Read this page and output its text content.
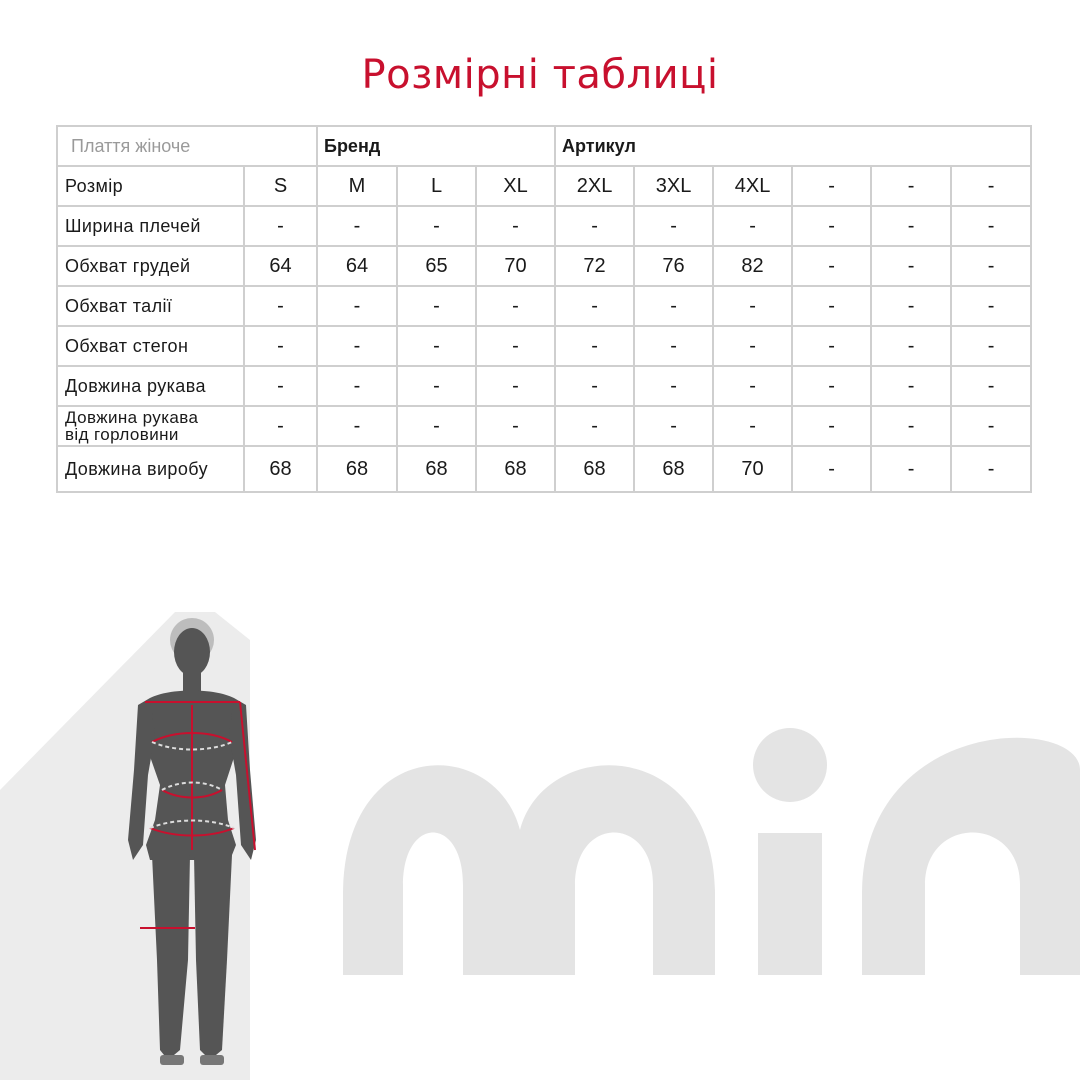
Розмірні таблиці
Плаття жіноче		Бренд			Артикул					
Розмір	S	M	L	XL	2XL	3XL	4XL	-	-	-
Ширина плечей	-	-	-	-	-	-	-	-	-	-
Обхват грудей	64	64	65	70	72	76	82	-	-	-
Обхват талії	-	-	-	-	-	-	-	-	-	-
Обхват стегон	-	-	-	-	-	-	-	-	-	-
Довжина рукава	-	-	-	-	-	-	-	-	-	-
Довжина рукава
від горловини	-	-	-	-	-	-	-	-	-	-
Довжина виробу	68	68	68	68	68	68	70	-	-	-
